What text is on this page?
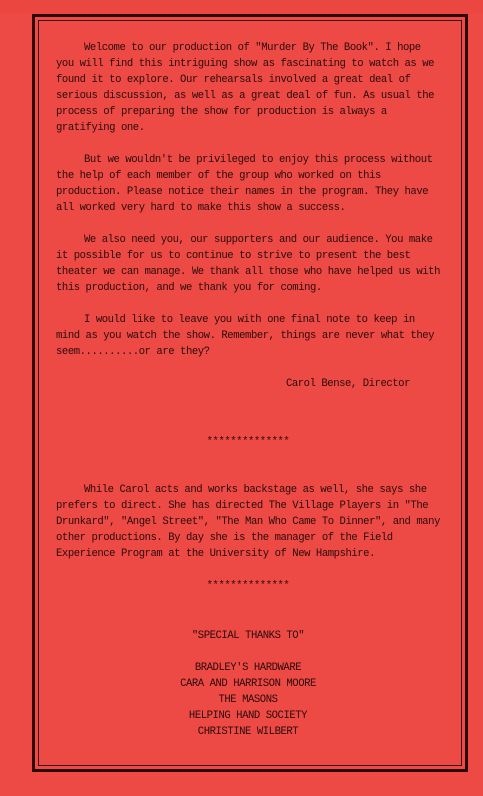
Welcome to our production of "Murder By The Book". I hope you will find this intriguing show as fascinating to watch as we found it to explore. Our rehearsals involved a great deal of serious discussion, as well as a great deal of fun. As usual the process of preparing the show for production is always a gratifying one.

But we wouldn't be privileged to enjoy this process without the help of each member of the group who worked on this production. Please notice their names in the program. They have all worked very hard to make this show a success.

We also need you, our supporters and our audience. You make it possible for us to continue to strive to present the best theater we can manage. We thank all those who have helped us with this production, and we thank you for coming.

I would like to leave you with one final note to keep in mind as you watch the show. Remember, things are never what they seem..........or are they?

Carol Bense, Director

**************

While Carol acts and works backstage as well, she says she prefers to direct. She has directed The Village Players in "The Drunkard", "Angel Street", "The Man Who Came To Dinner", and many other productions. By day she is the manager of the Field Experience Program at the University of New Hampshire.

**************

"SPECIAL THANKS TO"

BRADLEY'S HARDWARE
CARA AND HARRISON MOORE
THE MASONS
HELPING HAND SOCIETY
CHRISTINE WILBERT
